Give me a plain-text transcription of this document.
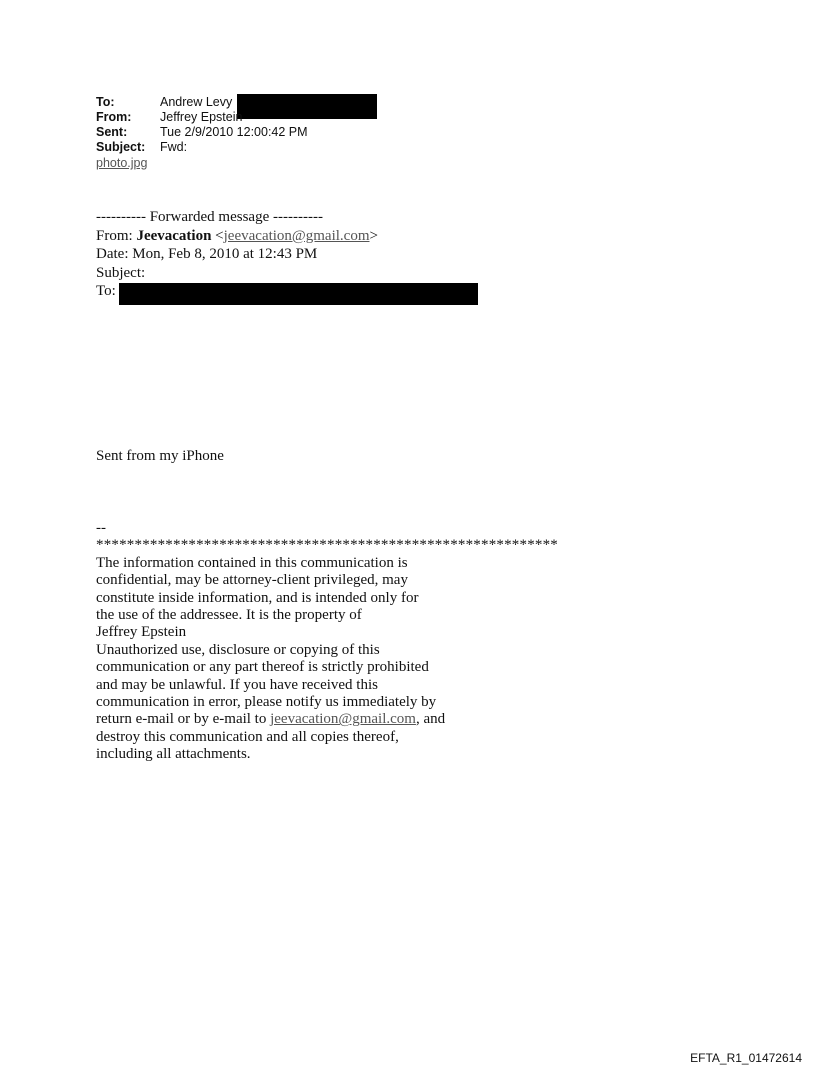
To:	Andrew Levy
From:	Jeffrey Epstein
Sent:	Tue 2/9/2010 12:00:42 PM
Subject:	Fwd:
photo.jpg
---------- Forwarded message ----------
From: Jeevacation <jeevacation@gmail.com>
Date: Mon, Feb 8, 2010 at 12:43 PM
Subject:
To:
Sent from my iPhone
--
************************************************************
The information contained in this communication is
confidential, may be attorney-client privileged, may
constitute inside information, and is intended only for
the use of the addressee. It is the property of
Jeffrey Epstein
Unauthorized use, disclosure or copying of this
communication or any part thereof is strictly prohibited
and may be unlawful. If you have received this
communication in error, please notify us immediately by
return e-mail or by e-mail to jeevacation@gmail.com, and
destroy this communication and all copies thereof,
including all attachments.
EFTA_R1_01472614
